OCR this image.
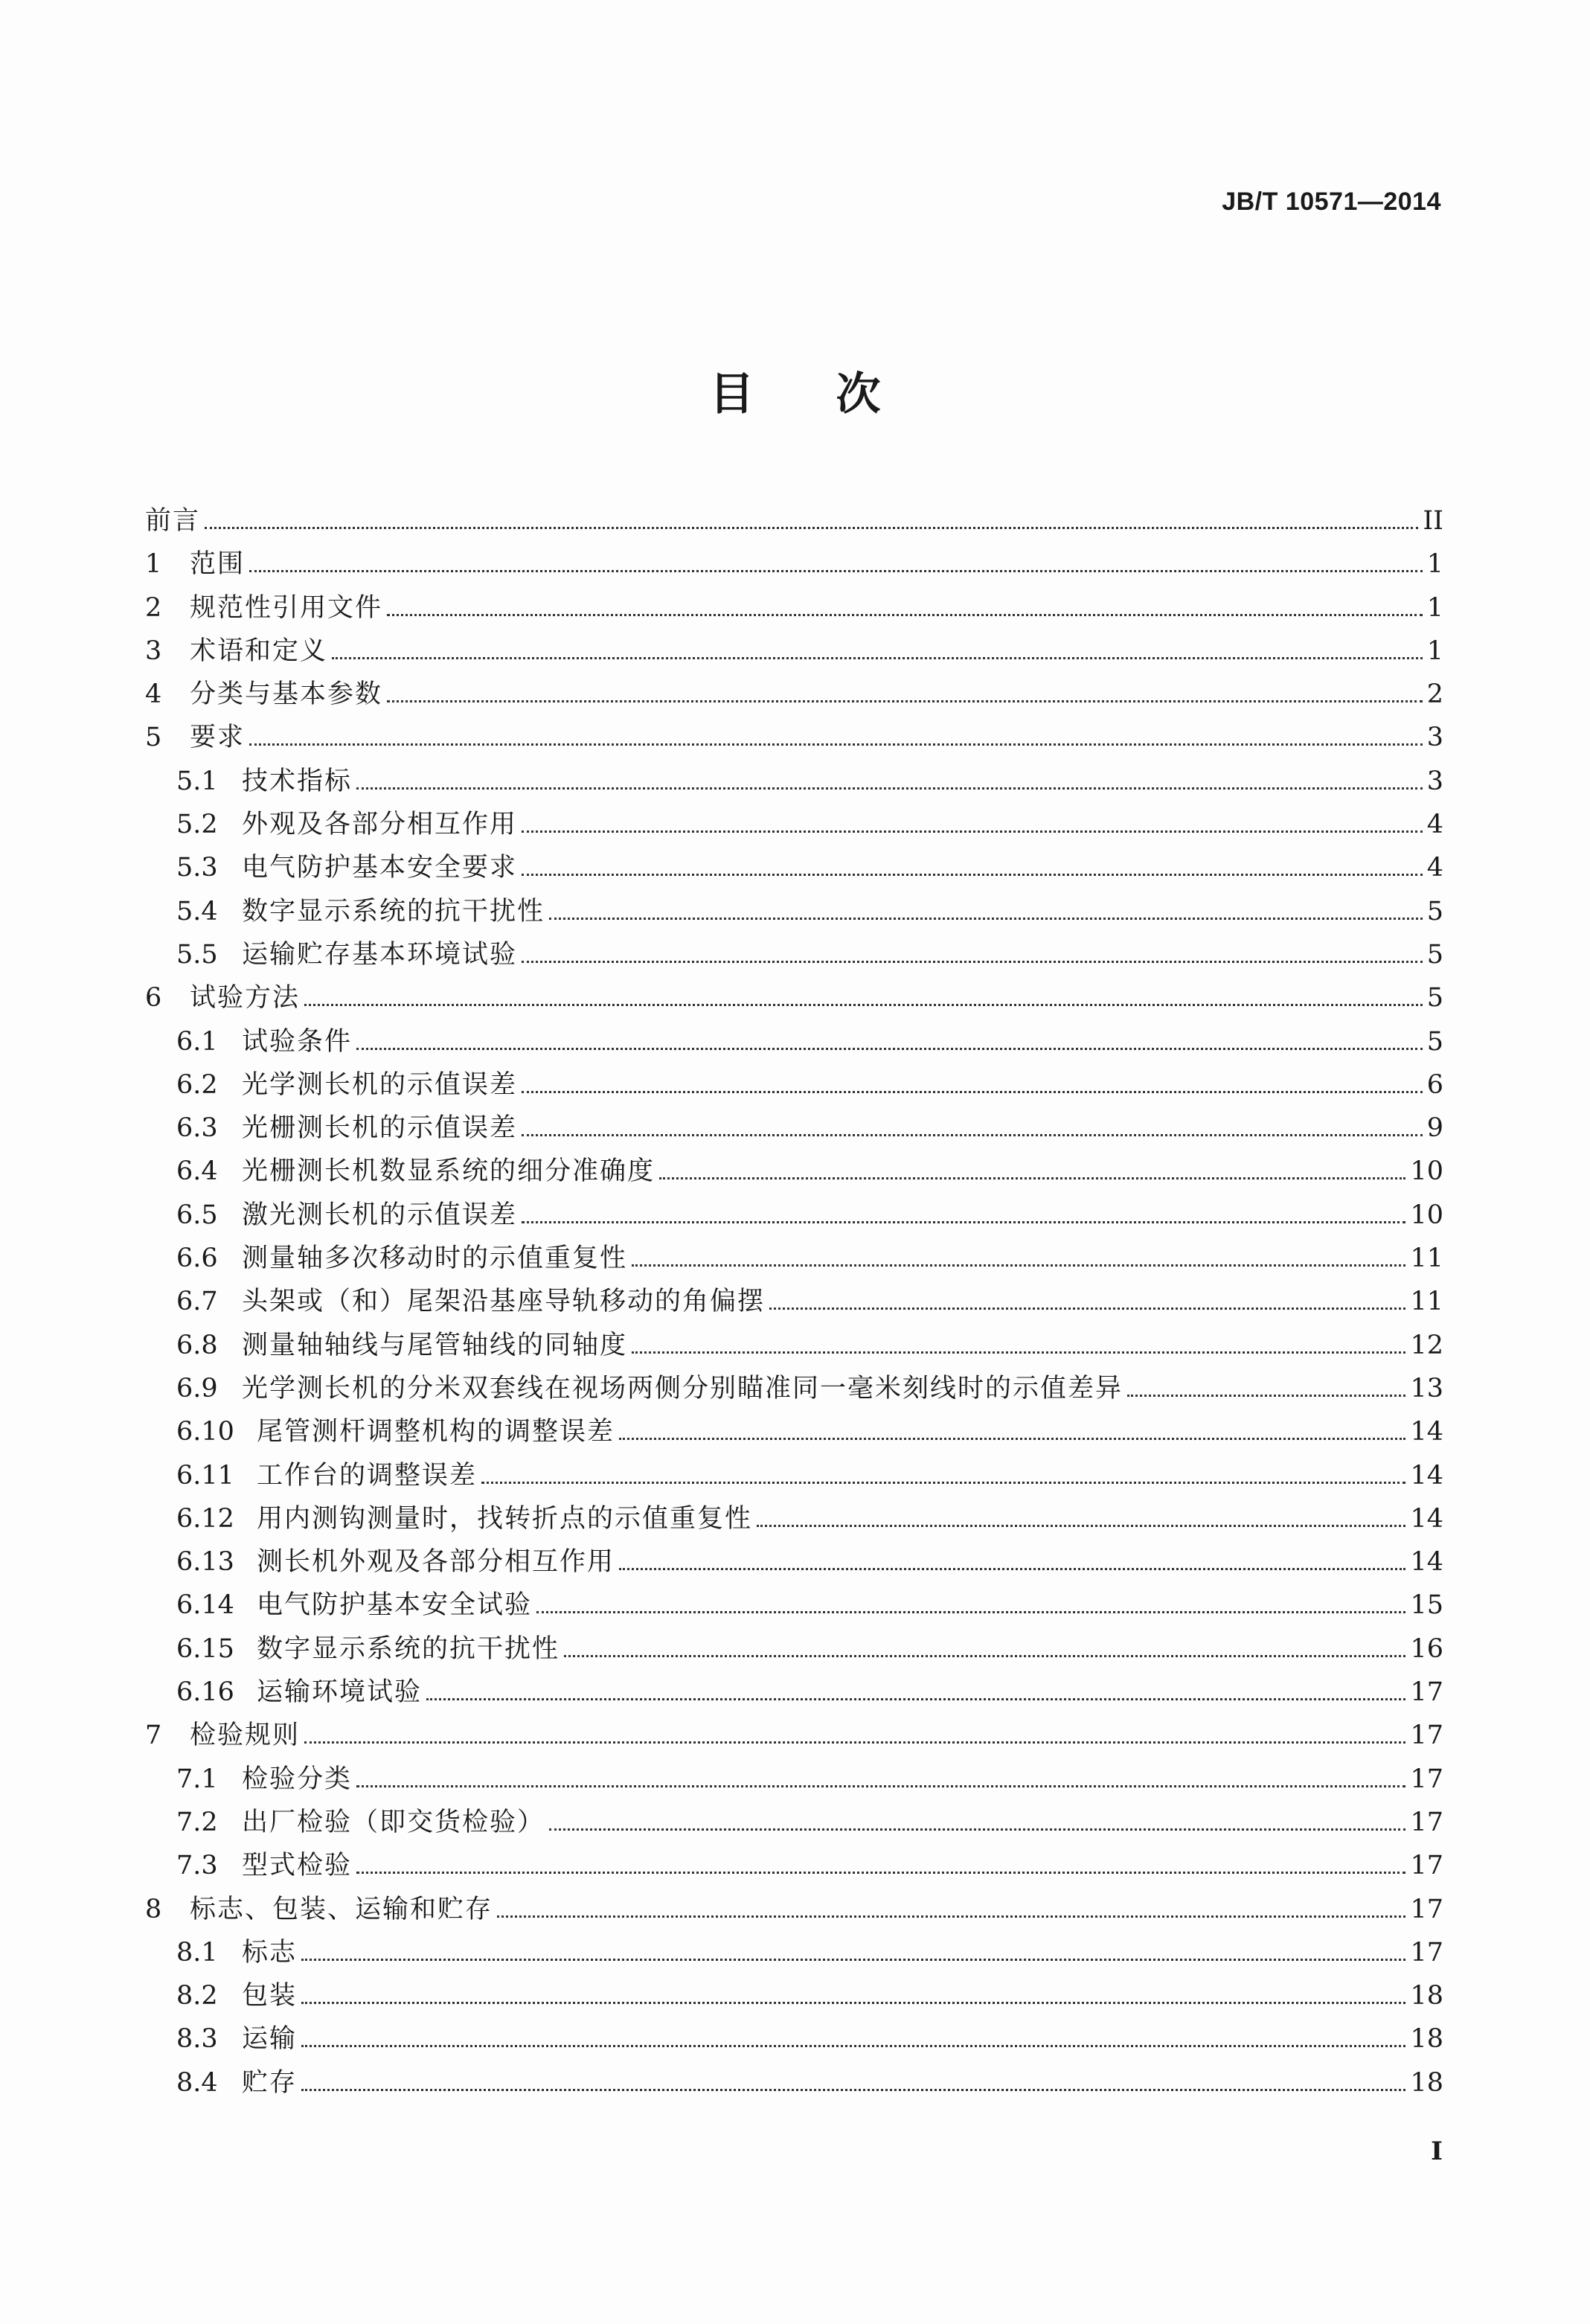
JB/T 10571—2014
目次
前言	II
1	范围	1
2	规范性引用文件	1
3	术语和定义	1
4	分类与基本参数	2
5	要求	3
5.1 技术指标	3
5.2 外观及各部分相互作用	4
5.3 电气防护基本安全要求	4
5.4 数字显示系统的抗干扰性	5
5.5 运输贮存基本环境试验	5
6	试验方法	5
6.1 试验条件	5
6.2 光学测长机的示值误差	6
6.3 光栅测长机的示值误差	9
6.4 光栅测长机数显系统的细分准确度	10
6.5 激光测长机的示值误差	10
6.6 测量轴多次移动时的示值重复性	11
6.7 头架或（和）尾架沿基座导轨移动的角偏摆	11
6.8 测量轴轴线与尾管轴线的同轴度	12
6.9 光学测长机的分米双套线在视场两侧分别瞄准同一毫米刻线时的示值差异	13
6.10 尾管测杆调整机构的调整误差	14
6.11 工作台的调整误差	14
6.12 用内测钩测量时，找转折点的示值重复性	14
6.13 测长机外观及各部分相互作用	14
6.14 电气防护基本安全试验	15
6.15 数字显示系统的抗干扰性	16
6.16 运输环境试验	17
7	检验规则	17
7.1 检验分类	17
7.2 出厂检验（即交货检验）	17
7.3 型式检验	17
8	标志、包装、运输和贮存	17
8.1 标志	17
8.2 包装	18
8.3 运输	18
8.4 贮存	18
I
